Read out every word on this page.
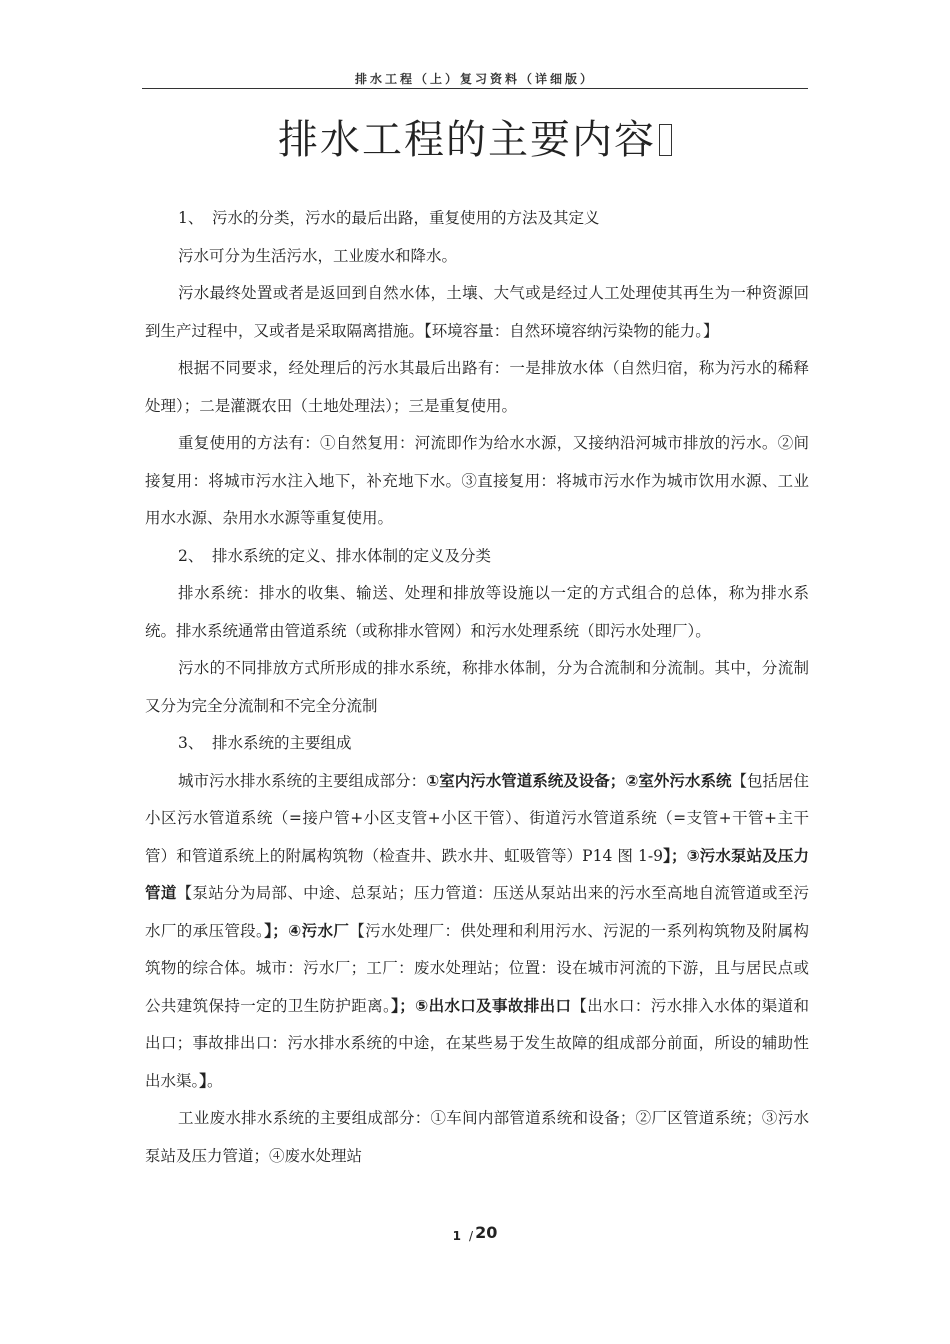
排水工程（上）复习资料（详细版）
排水工程的主要内容
1、 污水的分类，污水的最后出路，重复使用的方法及其定义

污水可分为生活污水，工业废水和降水。

污水最终处置或者是返回到自然水体，土壤、大气或是经过人工处理使其再生为一种资源回到生产过程中，又或者是采取隔离措施。【环境容量：自然环境容纳污染物的能力。】

根据不同要求，经处理后的污水其最后出路有：一是排放水体（自然归宿，称为污水的稀释处理）；二是灌溉农田（土地处理法）；三是重复使用。

重复使用的方法有：①自然复用：河流即作为给水水源，又接纳沿河城市排放的污水。②间接复用：将城市污水注入地下，补充地下水。③直接复用：将城市污水作为城市饮用水源、工业用水水源、杂用水水源等重复使用。

2、 排水系统的定义、排水体制的定义及分类

排水系统：排水的收集、输送、处理和排放等设施以一定的方式组合的总体，称为排水系统。排水系统通常由管道系统（或称排水管网）和污水处理系统（即污水处理厂）。

污水的不同排放方式所形成的排水系统，称排水体制，分为合流制和分流制。其中，分流制又分为完全分流制和不完全分流制

3、 排水系统的主要组成

城市污水排水系统的主要组成部分：①室内污水管道系统及设备；②室外污水系统【包括居住小区污水管道系统（=接户管+小区支管+小区干管）、街道污水管道系统（=支管+干管+主干管）和管道系统上的附属构筑物（检查井、跌水井、虹吸管等）P14 图 1-9】；③污水泵站及压力管道【泵站分为局部、中途、总泵站；压力管道：压送从泵站出来的污水至高地自流管道或至污水厂的承压管段。】；④污水厂【污水处理厂：供处理和利用污水、污泥的一系列构筑物及附属构筑物的综合体。城市：污水厂；工厂：废水处理站；位置：设在城市河流的下游，且与居民点或公共建筑保持一定的卫生防护距离。】；⑤出水口及事故排出口【出水口：污水排入水体的渠道和出口；事故排出口：污水排水系统的中途，在某些易于发生故障的组成部分前面，所设的辅助性出水渠。】。

工业废水排水系统的主要组成部分：①车间内部管道系统和设备；②厂区管道系统；③污水泵站及压力管道；④废水处理站

1 / 20
